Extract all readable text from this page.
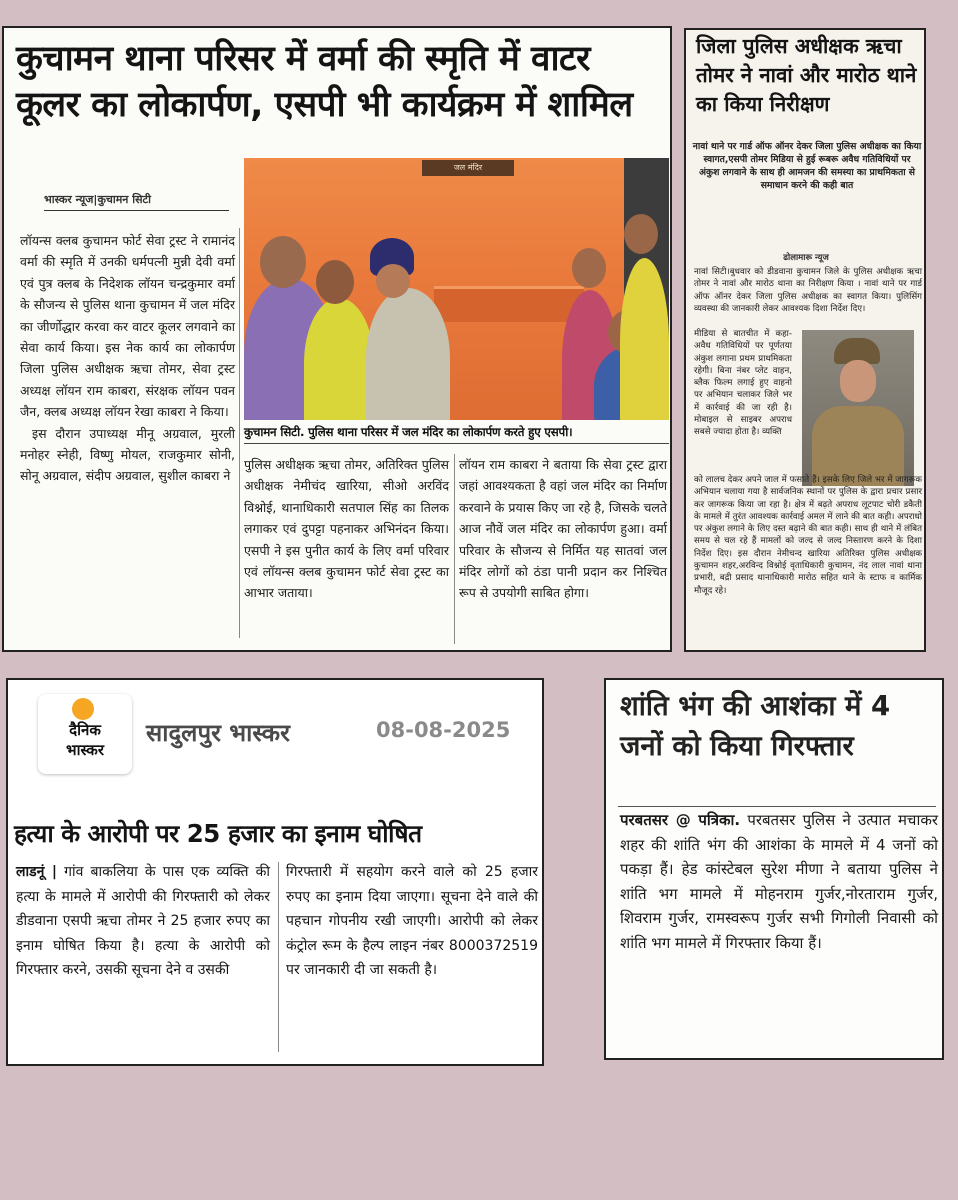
कुचामन थाना परिसर में वर्मा की स्मृति में वाटर कूलर का लोकार्पण, एसपी भी कार्यक्रम में शामिल
भास्कर न्यूज|कुचामन सिटी

लॉयन्स क्लब कुचामन फोर्ट सेवा ट्रस्ट ने रामानंद वर्मा की स्मृति में उनकी धर्मपत्नी मुन्नी देवी वर्मा एवं पुत्र क्लब के निदेशक लॉयन चन्द्रकुमार वर्मा के सौजन्य से पुलिस थाना कुचामन में जल मंदिर का जीर्णोद्धार करवा कर वाटर कूलर लगवाने का सेवा कार्य किया। इस नेक कार्य का लोकार्पण जिला पुलिस अधीक्षक ऋचा तोमर, सेवा ट्रस्ट अध्यक्ष लॉयन राम काबरा, संरक्षक लॉयन पवन जैन, क्लब अध्यक्ष लॉयन रेखा काबरा ने किया।

इस दौरान उपाध्यक्ष मीनू अग्रवाल, मुरली मनोहर स्नेही, विष्णु मोयल, राजकुमार सोनी, सोनू अग्रवाल, संदीप अग्रवाल, सुशील काबरा ने

जल मंदिर
कुचामन सिटी. पुलिस थाना परिसर में जल मंदिर का लोकार्पण करते हुए एसपी।
पुलिस अधीक्षक ऋचा तोमर, अतिरिक्त पुलिस अधीक्षक नेमीचंद खारिया, सीओ अरविंद विश्नोई, थानाधिकारी सतपाल सिंह का तिलक लगाकर एवं दुपट्टा पहनाकर अभिनंदन किया। एसपी ने इस पुनीत कार्य के लिए वर्मा परिवार एवं लॉयन्स क्लब कुचामन फोर्ट सेवा ट्रस्ट का आभार जताया।
लॉयन राम काबरा ने बताया कि सेवा ट्रस्ट द्वारा जहां आवश्यकता है वहां जल मंदिर का निर्माण करवाने के प्रयास किए जा रहे है, जिसके चलते आज नौवें जल मंदिर का लोकार्पण हुआ। वर्मा परिवार के सौजन्य से निर्मित यह सातवां जल मंदिर लोगों को ठंडा पानी प्रदान कर निश्चित रूप से उपयोगी साबित होगा।
जिला पुलिस अधीक्षक ऋचा तोमर ने नावां और मारोठ थाने का किया निरीक्षण
नावां थाने पर गार्ड ऑफ ऑनर देकर जिला पुलिस अधीक्षक का किया स्वागत,एसपी तोमर मिडिया से हुई रूबरू अवैध गतिविधियों पर अंकुश लगवाने के साथ ही आमजन की समस्या का प्राथमिकता से समाधान करने की कही बात
ढोलामारू न्यूज
नावां सिटी।बुधवार को डीडवाना कुचामन जिले के पुलिस अधीक्षक ऋचा तोमर ने नावां और मारोठ थाना का निरीक्षण किया । नावां थाने पर गार्ड ऑफ ऑनर देकर जिला पुलिस अधीक्षक का स्वागत किया। पुलिसिंग व्यवस्था की जानकारी लेकर आवश्यक दिशा निर्देश दिए।
मीडिया से बातचीत में कहा- अवैध गतिविधियों पर पूर्णतया अंकुश लगाना प्रथम प्राथमिकता रहेगी। बिना नंबर प्लेट वाहन, ब्लैक फिल्म लगाई हुए वाहनो पर अभियान चलाकर जिले भर में कार्रवाई की जा रही है। मोबाइल से साइबर अपराध सबसे ज्यादा होता है। व्यक्ति
को लालच देकर अपने जाल में फसाते हैं। इसके लिए जिले भर में जागरूक अभियान चलाया गया है सार्वजनिक स्थानों पर पुलिस के द्वारा प्रचार प्रसार कर जागरूक किया जा रहा है। क्षेत्र में बढ़ते अपराध लूटपाट चोरी डकैती के मामले में तुरंत आवश्यक कार्रवाई अमल में लाने की बात कही। अपराधो पर अंकुश लगाने के लिए दस्त बढ़ाने की बात कही। साथ ही थाने में लंबित समय से चल रहे हैं मामलों को जल्द से जल्द निस्तारण करने के दिशा निर्देश दिए। इस दौरान नेमीचन्द खारिया अतिरिक्त पुलिस अधीक्षक कुचामन शहर,अरविन्द विश्नोई वृताधिकारी कुचामन, नंद लाल नावां थाना प्रभारी, बद्री प्रसाद थानाधिकारी मारोठ सहित थाने के स्टाफ व कार्मिक मौजूद रहे।
दैनिक
भास्कर
सादुलपुर भास्कर	08-08-2025
हत्या के आरोपी पर 25 हजार का इनाम घोषित
लाडनूं | गांव बाकलिया के पास एक व्यक्ति की हत्या के मामले में आरोपी की गिरफ्तारी को लेकर डीडवाना एसपी ऋचा तोमर ने 25 हजार रुपए का इनाम घोषित किया है। हत्या के आरोपी को गिरफ्तार करने, उसकी सूचना देने व उसकी
गिरफ्तारी में सहयोग करने वाले को 25 हजार रुपए का इनाम दिया जाएगा। सूचना देने वाले की पहचान गोपनीय रखी जाएगी। आरोपी को लेकर कंट्रोल रूम के हैल्प लाइन नंबर 8000372519 पर जानकारी दी जा सकती है।
शांति भंग की आशंका में 4 जनों को किया गिरफ्तार
परबतसर @ पत्रिका. परबतसर पुलिस ने उत्पात मचाकर शहर की शांति भंग की आशंका के मामले में 4 जनों को पकड़ा हैं। हेड कांस्टेबल सुरेश मीणा ने बताया पुलिस ने शांति भग मामले में मोहनराम गुर्जर,नोरताराम गुर्जर, शिवराम गुर्जर, रामस्वरूप गुर्जर सभी गिगोली निवासी को शांति भग मामले में गिरफ्तार किया हैं।
